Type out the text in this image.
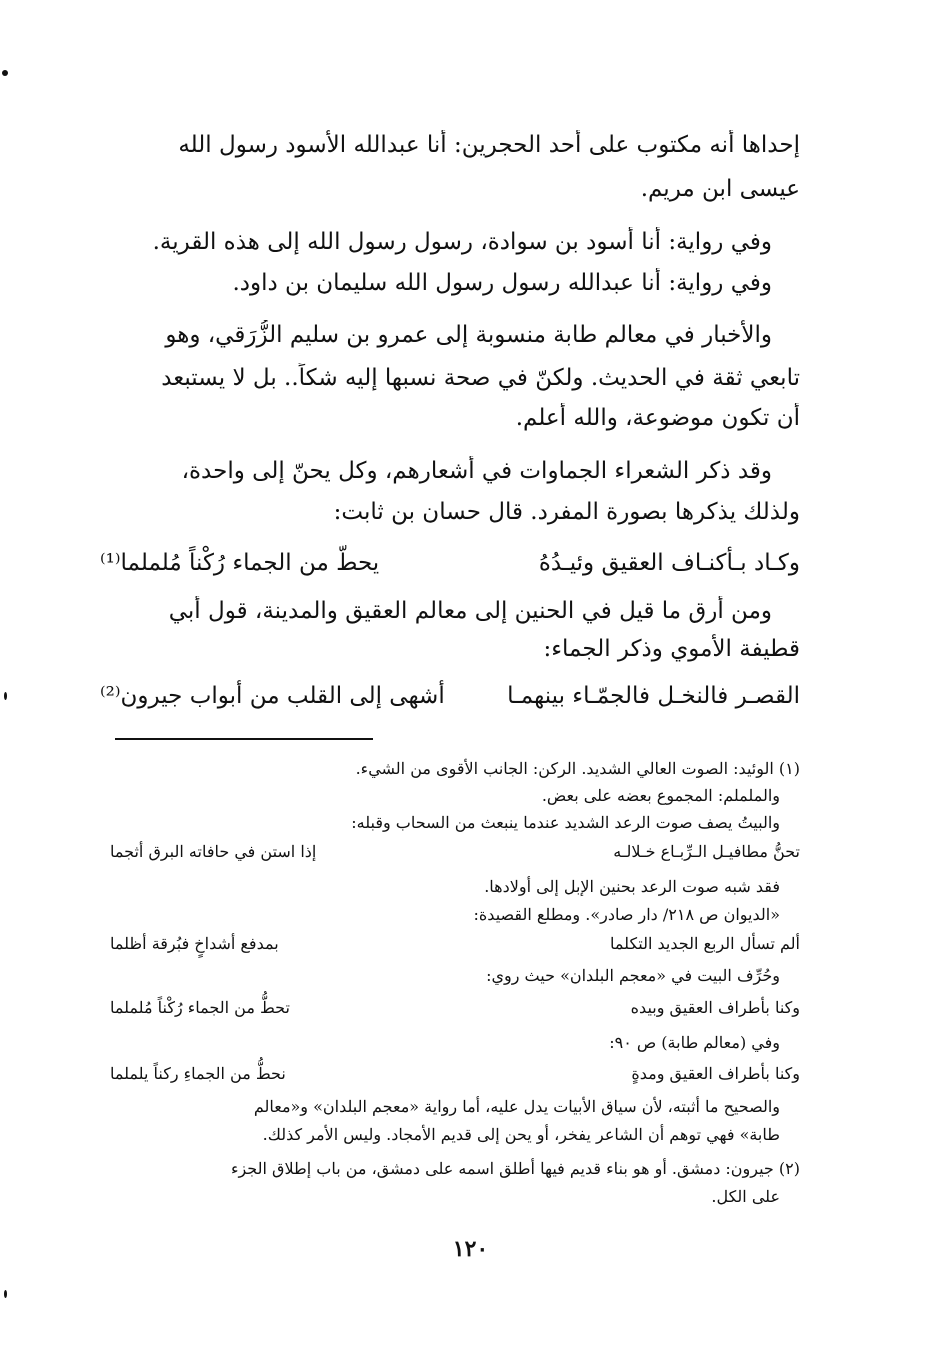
إحداها أنه مكتوب على أحد الحجرين: أنا عبدالله الأسود رسول الله
عيسى ابن مريم.
وفي رواية: أنا أسود بن سوادة، رسول رسول الله إلى هذه القرية.
وفي رواية: أنا عبدالله رسول رسول الله سليمان بن داود.
والأخبار في معالم طابة منسوبة إلى عمرو بن سليم الزُّرَقي، وهو
تابعي ثقة في الحديث. ولكنّ في صحة نسبها إليه شكاً.. بل لا يستبعد
أن تكون موضوعة، والله أعلم.
وقد ذكر الشعراء الجماوات في أشعارهم، وكل يحنّ إلى واحدة،
ولذلك يذكرها بصورة المفرد. قال حسان بن ثابت:
وكـاد بـأكنـاف العقيق وئيـدُهُ
يحطّ من الجماء رُكْناً مُلملما⁽¹⁾
ومن أرق ما قيل في الحنين إلى معالم العقيق والمدينة، قول أبي
قطيفة الأموي وذكر الجماء:
القصـر فالنخـل فالجمّـاء بينهمـا
أشهى إلى القلب من أبواب جيرون⁽²⁾
(١) الوئيد: الصوت العالي الشديد. الركن: الجانب الأقوى من الشيء.
والململم: المجموع بعضه على بعض.
والبيتُ يصف صوت الرعد الشديد عندما ينبعث من السحاب وقبله:
تحنُّ مطافيـل الـرِّبـاع خـلالـه
إذا استن في حافاته البرق أثجما
فقد شبه صوت الرعد بحنين الإبل إلى أولادها.
«الديوان ص ٢١٨/ دار صادر». ومطلع القصيدة:
ألم تسأل الربع الجديد التكلما
بمدفع أشداخٍ فبُرقة أظلما
وحُرِّف البيت في «معجم البلدان» حيث روي:
وكنا بأطراف العقيق وبيده
تحطُّ من الجماء رُكْناً مُلملما
وفي (معالم طابة) ص ٩٠:
وكنا بأطراف العقيق ومدةٍ
نحطُّ من الجماءِ ركناً يلملما
والصحيح ما أثبته، لأن سياق الأبيات يدل عليه، أما رواية «معجم البلدان» و«معالم
طابة» فهي توهم أن الشاعر يفخر، أو يحن إلى قديم الأمجاد. وليس الأمر كذلك.
(٢) جيرون: دمشق. أو هو بناء قديم فيها أطلق اسمه على دمشق، من باب إطلاق الجزء
على الكل.
١٢٠
